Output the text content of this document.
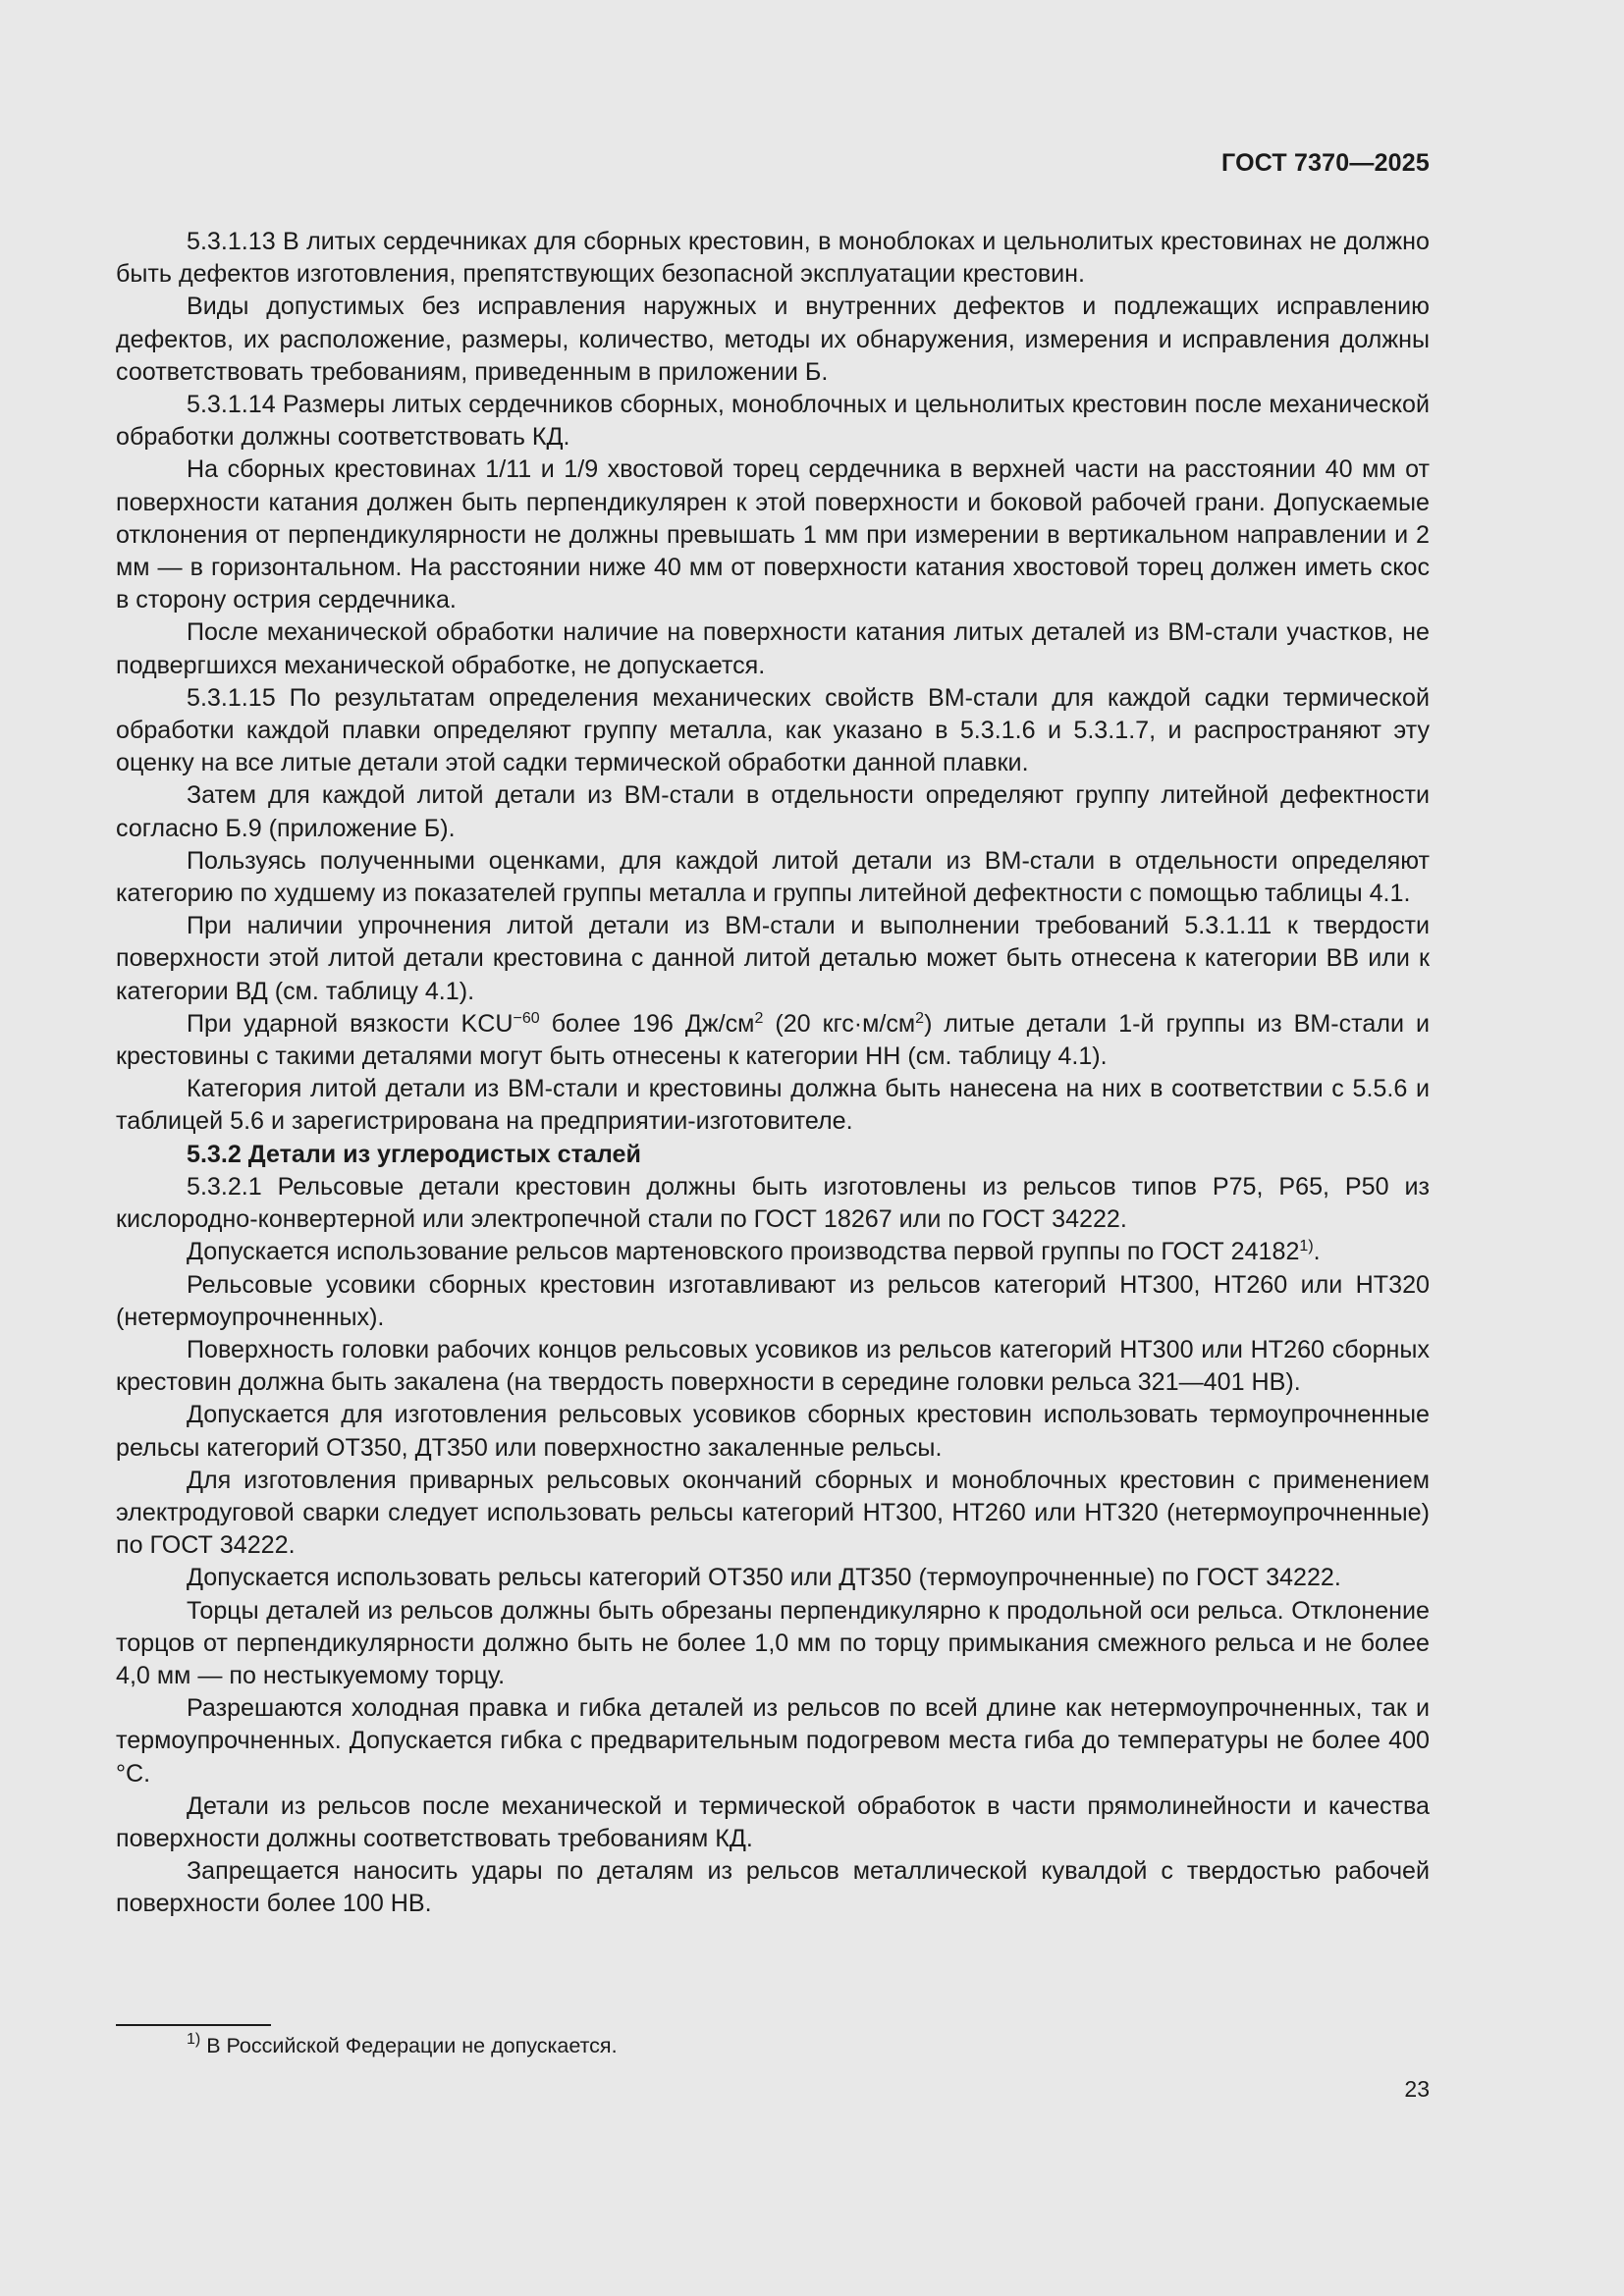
ГОСТ 7370—2025

5.3.1.13 В литых сердечниках для сборных крестовин, в моноблоках и цельнолитых крестовинах не должно быть дефектов изготовления, препятствующих безопасной эксплуатации крестовин.

Виды допустимых без исправления наружных и внутренних дефектов и подлежащих исправлению дефектов, их расположение, размеры, количество, методы их обнаружения, измерения и исправления должны соответствовать требованиям, приведенным в приложении Б.

5.3.1.14 Размеры литых сердечников сборных, моноблочных и цельнолитых крестовин после механической обработки должны соответствовать КД.

На сборных крестовинах 1/11 и 1/9 хвостовой торец сердечника в верхней части на расстоянии 40 мм от поверхности катания должен быть перпендикулярен к этой поверхности и боковой рабочей грани. Допускаемые отклонения от перпендикулярности не должны превышать 1 мм при измерении в вертикальном направлении и 2 мм — в горизонтальном. На расстоянии ниже 40 мм от поверхности катания хвостовой торец должен иметь скос в сторону острия сердечника.

После механической обработки наличие на поверхности катания литых деталей из ВМ-стали участков, не подвергшихся механической обработке, не допускается.

5.3.1.15 По результатам определения механических свойств ВМ-стали для каждой садки термической обработки каждой плавки определяют группу металла, как указано в 5.3.1.6 и 5.3.1.7, и распространяют эту оценку на все литые детали этой садки термической обработки данной плавки.

Затем для каждой литой детали из ВМ-стали в отдельности определяют группу литейной дефектности согласно Б.9 (приложение Б).

Пользуясь полученными оценками, для каждой литой детали из ВМ-стали в отдельности определяют категорию по худшему из показателей группы металла и группы литейной дефектности с помощью таблицы 4.1.

При наличии упрочнения литой детали из ВМ-стали и выполнении требований 5.3.1.11 к твердости поверхности этой литой детали крестовина с данной литой деталью может быть отнесена к категории ВВ или к категории ВД (см. таблицу 4.1).

При ударной вязкости $KCU^{-60}$ более 196 $Дж/см^2$ (20 $кгс\cdot м/см^2$) литые детали 1-й группы из ВМ-стали и крестовины с такими деталями могут быть отнесены к категории НН (см. таблицу 4.1).

Категория литой детали из ВМ-стали и крестовины должна быть нанесена на них в соответствии с 5.5.6 и таблицей 5.6 и зарегистрирована на предприятии-изготовителе.

5.3.2 Детали из углеродистых сталей

5.3.2.1 Рельсовые детали крестовин должны быть изготовлены из рельсов типов Р75, Р65, Р50 из кислородно-конвертерной или электропечной стали по ГОСТ 18267 или по ГОСТ 34222.

Допускается использование рельсов мартеновского производства первой группы по ГОСТ 24182$^{1)}$.

Рельсовые усовики сборных крестовин изготавливают из рельсов категорий НТ300, НТ260 или НТ320 (нетермоупрочненных).

Поверхность головки рабочих концов рельсовых усовиков из рельсов категорий НТ300 или НТ260 сборных крестовин должна быть закалена (на твердость поверхности в середине головки рельса 321—401 НВ).

Допускается для изготовления рельсовых усовиков сборных крестовин использовать термоупрочненные рельсы категорий ОТ350, ДТ350 или поверхностно закаленные рельсы.

Для изготовления приварных рельсовых окончаний сборных и моноблочных крестовин с применением электродуговой сварки следует использовать рельсы категорий НТ300, НТ260 или НТ320 (нетермоупрочненные) по ГОСТ 34222.

Допускается использовать рельсы категорий ОТ350 или ДТ350 (термоупрочненные) по ГОСТ 34222.

Торцы деталей из рельсов должны быть обрезаны перпендикулярно к продольной оси рельса. Отклонение торцов от перпендикулярности должно быть не более 1,0 мм по торцу примыкания смежного рельса и не более 4,0 мм — по нестыкуемому торцу.

Разрешаются холодная правка и гибка деталей из рельсов по всей длине как нетермоупрочненных, так и термоупрочненных. Допускается гибка с предварительным подогревом места гиба до температуры не более 400 °С.

Детали из рельсов после механической и термической обработок в части прямолинейности и качества поверхности должны соответствовать требованиям КД.

Запрещается наносить удары по деталям из рельсов металлической кувалдой с твердостью рабочей поверхности более 100 НВ.

$^{1)}$ В Российской Федерации не допускается.
23
